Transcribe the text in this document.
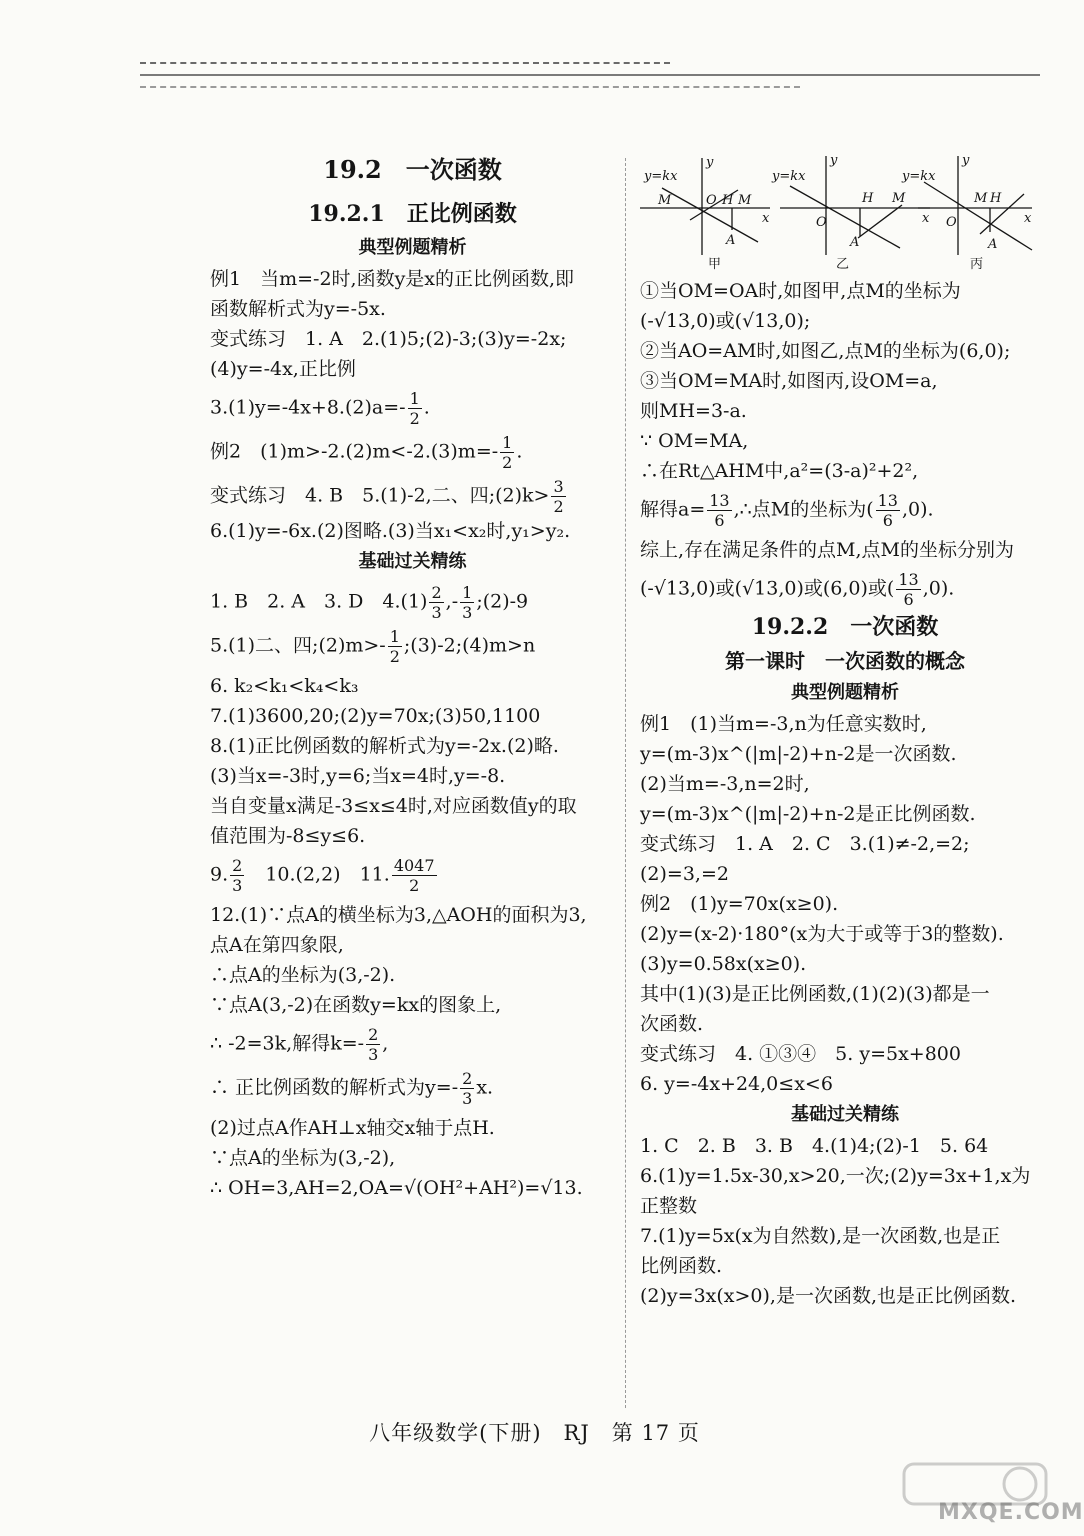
19.2　一次函数
19.2.1　正比例函数
典型例题精析

例1　当m=-2时,函数y是x的正比例函数,即

函数解析式为y=-5x.

变式练习　1. A　2.(1)5;(2)-3;(3)y=-2x;

(4)y=-4x,正比例

$3.(1)y=-4x+8.(2)a=- \frac{1}{2}$ .

例2　$(1)m>-2.(2)m<-2.(3)m=- \frac{1}{2}$ .

变式练习　4. B　5.(1)-2,二、四;(2)k> $\frac{3}{2}$

6.(1)y=-6x.(2)图略.(3)当x₁<x₂时,y₁>y₂.

基础过关精练

1. B　2. A　3. D　$4.(1) \frac{2}{3}$ ,- $\frac{1}{3}$ ;(2)-9

5.(1)二、四;(2)m>- $\frac{1}{2}$ ;(3)-2;(4)m>n

6. k₂<k₁<k₄<k₃

7.(1)3600,20;(2)y=70x;(3)50,1100

8.(1)正比例函数的解析式为y=-2x.(2)略.

(3)当x=-3时,y=6;当x=4时,y=-8.

当自变量x满足-3≤x≤4时,对应函数值y的取

值范围为-8≤y≤6.

9. $\frac{2}{3}$ 　10.(2,2)　11. $\frac{4047}{2}$

12.(1)∵点A的横坐标为3,△AOH的面积为3,

点A在第四象限,

∴点A的坐标为(3,-2).

∵点A(3,-2)在函数y=kx的图象上,

∴ -2=3k,解得$k=- \frac{2}{3}$ ,

∴ 正比例函数的解析式为$y=- \frac{2}{3} x$.

(2)过点A作AH⊥x轴交x轴于点H.

∵点A的坐标为(3,-2),

∴ OH=3,AH=2,OA=√(OH²+AH²)=√13.

y=kx
y
M	O H M
A
x
甲
y=kx
y
O
H M
A
x
乙
y=kx
y
O
M H
A
x
丙

①当OM=OA时,如图甲,点M的坐标为

(-√13,0)或(√13,0);

②当AO=AM时,如图乙,点M的坐标为(6,0);

③当OM=MA时,如图丙,设OM=a,

则MH=3-a.

∵ OM=MA,

∴在Rt△AHM中,a²=(3-a)²+2²,

解得$a= \frac{13}{6}$ ,∴点M的坐标为( $\frac{13}{6} ,0$).

综上,存在满足条件的点M,点M的坐标分别为

(-√13,0)或(√13,0)或(6,0)或( $\frac{13}{6} ,0$).

19.2.2　一次函数
第一课时　一次函数的概念
典型例题精析

例1　(1)当m=-3,n为任意实数时,

y=(m-3)x^(|m|-2)+n-2是一次函数.

(2)当m=-3,n=2时,

y=(m-3)x^(|m|-2)+n-2是正比例函数.

变式练习　1. A　2. C　3.(1)≠-2,=2;

(2)=3,=2

例2　(1)y=70x(x≥0).

(2)y=(x-2)·180°(x为大于或等于3的整数).

(3)y=0.58x(x≥0).

其中(1)(3)是正比例函数,(1)(2)(3)都是一

次函数.

变式练习　4. ①③④　5. y=5x+800

6. y=-4x+24,0≤x<6

基础过关精练

1. C　2. B　3. B　4.(1)4;(2)-1　5. 64

6.(1)y=1.5x-30,x>20,一次;(2)y=3x+1,x为

正整数

7.(1)y=5x(x为自然数),是一次函数,也是正

比例函数.

(2)y=3x(x>0),是一次函数,也是正比例函数.

八年级数学(下册)　RJ　第 17 页
MXQE.COM
